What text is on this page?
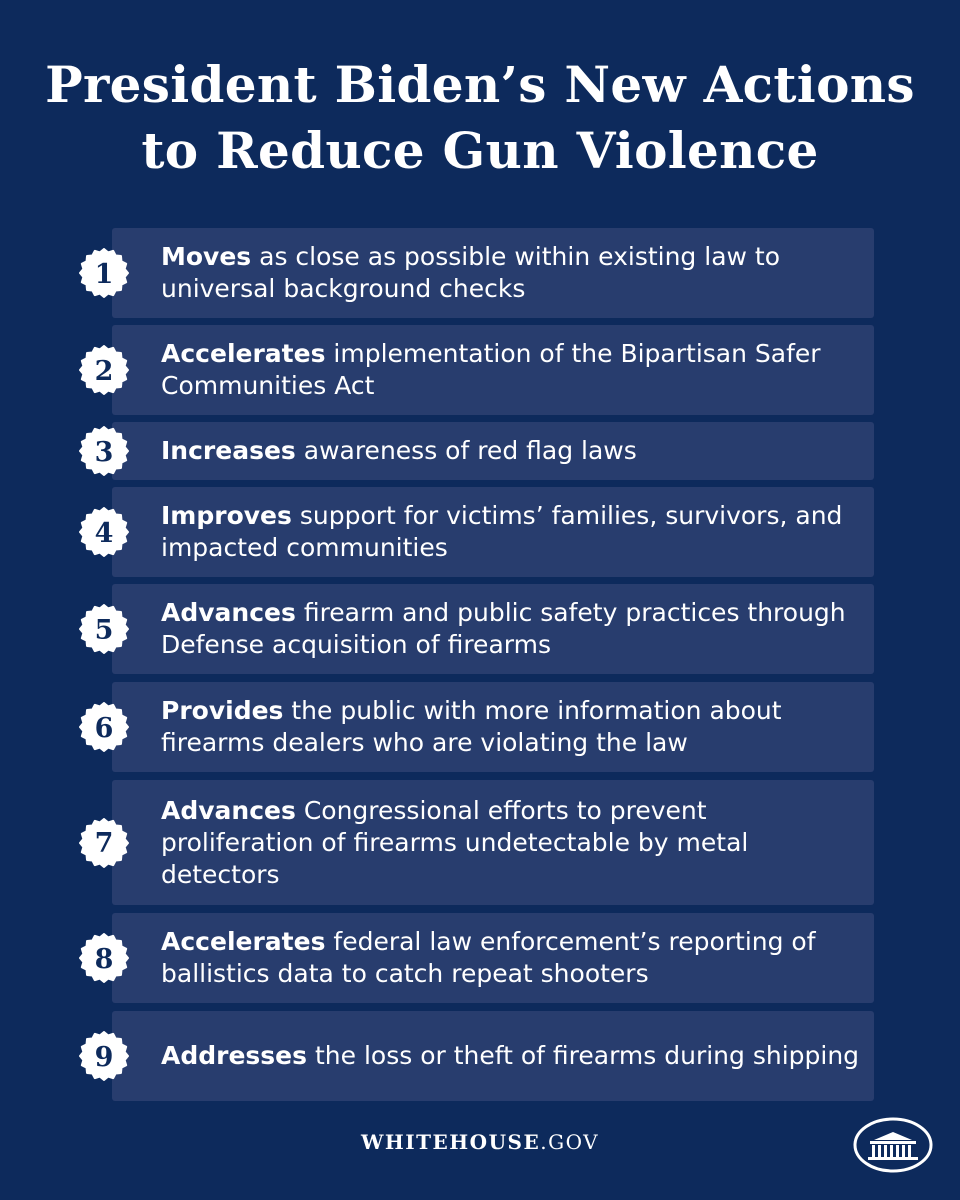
President Biden’s New Actions
to Reduce Gun Violence
1
Moves as close as possible within existing law to universal background checks
2
Accelerates implementation of the Bipartisan Safer Communities Act
3	Increases awareness of red flag laws
4
Improves support for victims’ families, survivors, and impacted communities
5
Advances firearm and public safety practices through Defense acquisition of firearms
6
Provides the public with more information about firearms dealers who are violating the law
7
Advances Congressional efforts to prevent proliferation of firearms undetectable by metal detectors
8
Accelerates federal law enforcement’s reporting of ballistics data to catch repeat shooters
9	Addresses the loss or theft of firearms during shipping
WHITEHOUSE.GOV
